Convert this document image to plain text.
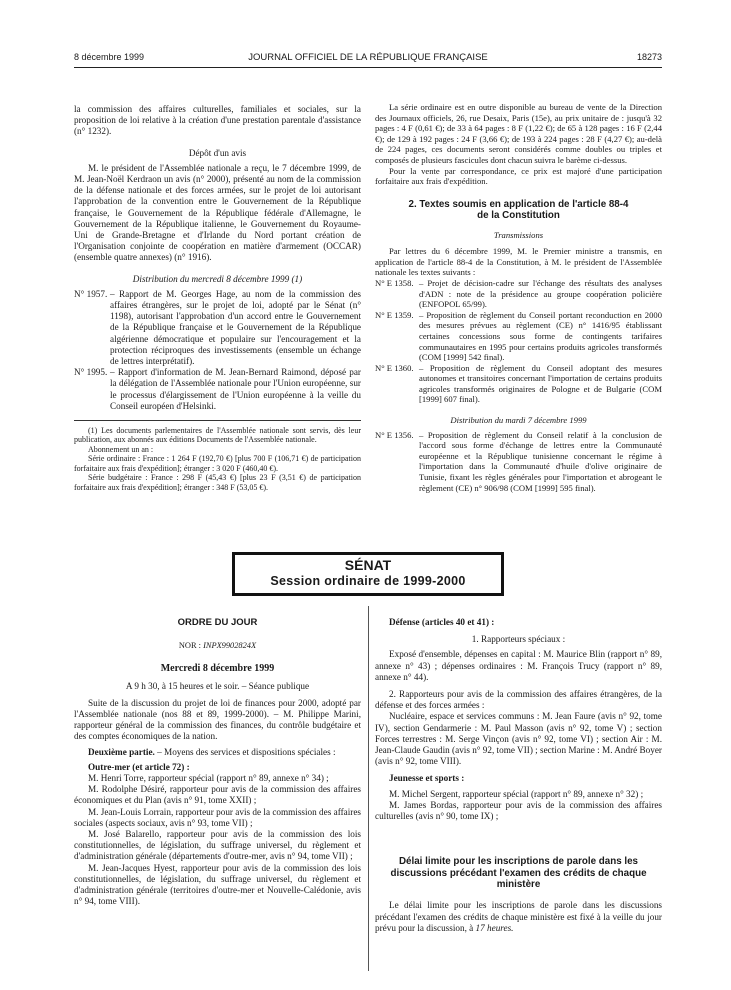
8 décembre 1999	JOURNAL OFFICIEL DE LA RÉPUBLIQUE FRANÇAISE	18273

la commission des affaires culturelles, familiales et sociales, sur la proposition de loi relative à la création d'une prestation parentale d'assistance (n° 1232).

Dépôt d'un avis

M. le président de l'Assemblée nationale a reçu, le 7 décembre 1999, de M. Jean-Noël Kerdraon un avis (n° 2000), présenté au nom de la commission de la défense nationale et des forces armées, sur le projet de loi autorisant l'approbation de la convention entre le Gouvernement de la République française, le Gouvernement de la République fédérale d'Allemagne, le Gouvernement de la République italienne, le Gouvernement du Royaume-Uni de Grande-Bretagne et d'Irlande du Nord portant création de l'Organisation conjointe de coopération en matière d'armement (OCCAR) (ensemble quatre annexes) (n° 1916).

Distribution du mercredi 8 décembre 1999 (1)

N° 1957. – Rapport de M. Georges Hage, au nom de la commission des affaires étrangères, sur le projet de loi, adopté par le Sénat (n° 1198), autorisant l'approbation d'un accord entre le Gouvernement de la République française et le Gouvernement de la République algérienne démocratique et populaire sur l'encouragement et la protection réciproques des investissements (ensemble un échange de lettres interprétatif).
N° 1995. – Rapport d'information de M. Jean-Bernard Raimond, déposé par la délégation de l'Assemblée nationale pour l'Union européenne, sur le processus d'élargissement de l'Union européenne à la veille du Conseil européen d'Helsinki.

(1) Les documents parlementaires de l'Assemblée nationale sont servis, dès leur publication, aux abonnés aux éditions Documents de l'Assemblée nationale.

Abonnement un an :

Série ordinaire : France : 1 264 F (192,70 €) [plus 700 F (106,71 €) de participation forfaitaire aux frais d'expédition]; étranger : 3 020 F (460,40 €).

Série budgétaire : France : 298 F (45,43 €) [plus 23 F (3,51 €) de participation forfaitaire aux frais d'expédition]; étranger : 348 F (53,05 €).

La série ordinaire est en outre disponible au bureau de vente de la Direction des Journaux officiels, 26, rue Desaix, Paris (15e), au prix unitaire de : jusqu'à 32 pages : 4 F (0,61 €); de 33 à 64 pages : 8 F (1,22 €); de 65 à 128 pages : 16 F (2,44 €); de 129 à 192 pages : 24 F (3,66 €); de 193 à 224 pages : 28 F (4,27 €); au-delà de 224 pages, ces documents seront considérés comme doubles ou triples et composés de plusieurs fascicules dont chacun suivra le barème ci-dessus.

Pour la vente par correspondance, ce prix est majoré d'une participation forfaitaire aux frais d'expédition.

2. Textes soumis en application de l'article 88-4
de la Constitution

Transmissions

Par lettres du 6 décembre 1999, M. le Premier ministre a transmis, en application de l'article 88-4 de la Constitution, à M. le président de l'Assemblée nationale les textes suivants :

N° E 1358. – Projet de décision-cadre sur l'échange des résultats des analyses d'ADN : note de la présidence au groupe coopération policière (ENFOPOL 65/99).
N° E 1359. – Proposition de règlement du Conseil portant reconduction en 2000 des mesures prévues au règlement (CE) n° 1416/95 établissant certaines concessions sous forme de contingents tarifaires communautaires en 1995 pour certains produits agricoles transformés (COM [1999] 542 final).
N° E 1360. – Proposition de règlement du Conseil adoptant des mesures autonomes et transitoires concernant l'importation de certains produits agricoles transformés originaires de Pologne et de Bulgarie (COM [1999] 607 final).

Distribution du mardi 7 décembre 1999

N° E 1356. – Proposition de règlement du Conseil relatif à la conclusion de l'accord sous forme d'échange de lettres entre la Communauté européenne et la République tunisienne concernant le régime à l'importation dans la Communauté d'huile d'olive originaire de Tunisie, fixant les règles générales pour l'importation et abrogeant le règlement (CE) n° 906/98 (COM [1999] 595 final).
SÉNAT
Session ordinaire de 1999-2000

ORDRE DU JOUR

NOR : INPX9902824X

Mercredi 8 décembre 1999

A 9 h 30, à 15 heures et le soir. – Séance publique

Suite de la discussion du projet de loi de finances pour 2000, adopté par l'Assemblée nationale (nos 88 et 89, 1999-2000). – M. Philippe Marini, rapporteur général de la commission des finances, du contrôle budgétaire et des comptes économiques de la nation.

Deuxième partie. – Moyens des services et dispositions spéciales :

Outre-mer (et article 72) :

M. Henri Torre, rapporteur spécial (rapport n° 89, annexe n° 34) ;

M. Rodolphe Désiré, rapporteur pour avis de la commission des affaires économiques et du Plan (avis n° 91, tome XXII) ;

M. Jean-Louis Lorrain, rapporteur pour avis de la commission des affaires sociales (aspects sociaux, avis n° 93, tome VII) ;

M. José Balarello, rapporteur pour avis de la commission des lois constitutionnelles, de législation, du suffrage universel, du règlement et d'administration générale (départements d'outre-mer, avis n° 94, tome VII) ;

M. Jean-Jacques Hyest, rapporteur pour avis de la commission des lois constitutionnelles, de législation, du suffrage universel, du règlement et d'administration générale (territoires d'outre-mer et Nouvelle-Calédonie, avis n° 94, tome VIII).

Défense (articles 40 et 41) :

1. Rapporteurs spéciaux :

Exposé d'ensemble, dépenses en capital : M. Maurice Blin (rapport n° 89, annexe n° 43) ; dépenses ordinaires : M. François Trucy (rapport n° 89, annexe n° 44).

2. Rapporteurs pour avis de la commission des affaires étrangères, de la défense et des forces armées :

Nucléaire, espace et services communs : M. Jean Faure (avis n° 92, tome IV), section Gendarmerie : M. Paul Masson (avis n° 92, tome V) ; section Forces terrestres : M. Serge Vinçon (avis n° 92, tome VI) ; section Air : M. Jean-Claude Gaudin (avis n° 92, tome VII) ; section Marine : M. André Boyer (avis n° 92, tome VIII).

Jeunesse et sports :

M. Michel Sergent, rapporteur spécial (rapport n° 89, annexe n° 32) ;

M. James Bordas, rapporteur pour avis de la commission des affaires culturelles (avis n° 90, tome IX) ;

Délai limite pour les inscriptions de parole dans les discussions précédant l'examen des crédits de chaque ministère

Le délai limite pour les inscriptions de parole dans les discussions précédant l'examen des crédits de chaque ministère est fixé à la veille du jour prévu pour la discussion, à 17 heures.
